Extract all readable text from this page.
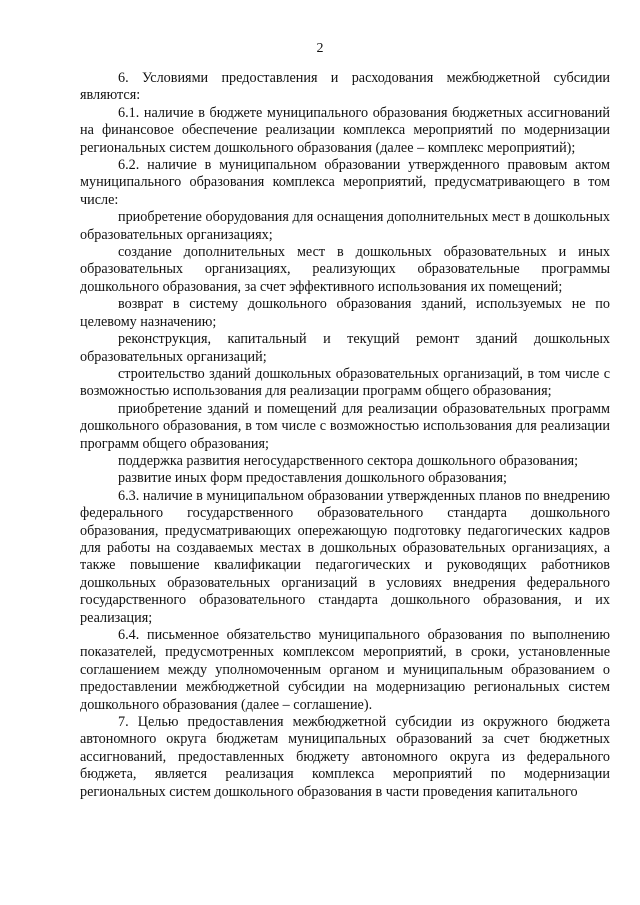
2

6. Условиями предоставления и расходования межбюджетной субсидии являются:

6.1. наличие в бюджете муниципального образования бюджетных ассигнований на финансовое обеспечение реализации комплекса мероприятий по модернизации региональных систем дошкольного образования (далее – комплекс мероприятий);

6.2. наличие в муниципальном образовании утвержденного правовым актом муниципального образования комплекса мероприятий, предусматривающего в том числе:

приобретение оборудования для оснащения дополнительных мест в дошкольных образовательных организациях;

создание дополнительных мест в дошкольных образовательных и иных образовательных организациях, реализующих образовательные программы дошкольного образования, за счет эффективного использования их помещений;

возврат в систему дошкольного образования зданий, используемых не по целевому назначению;

реконструкция, капитальный и текущий ремонт зданий дошкольных образовательных организаций;

строительство зданий дошкольных образовательных организаций, в том числе с возможностью использования для реализации программ общего образования;

приобретение зданий и помещений для реализации образовательных программ дошкольного образования, в том числе с возможностью использования для реализации программ общего образования;

поддержка развития негосударственного сектора дошкольного образования;

развитие иных форм предоставления дошкольного образования;

6.3. наличие в муниципальном образовании утвержденных планов по внедрению федерального государственного образовательного стандарта дошкольного образования, предусматривающих опережающую подготовку педагогических кадров для работы на создаваемых местах в дошкольных образовательных организациях, а также повышение квалификации педагогических и руководящих работников дошкольных образовательных организаций в условиях внедрения федерального государственного образовательного стандарта дошкольного образования, и их реализация;

6.4. письменное обязательство муниципального образования по выполнению показателей, предусмотренных комплексом мероприятий, в сроки, установленные соглашением между уполномоченным органом и муниципальным образованием о предоставлении межбюджетной субсидии на модернизацию региональных систем дошкольного образования (далее – соглашение).

7. Целью предоставления межбюджетной субсидии из окружного бюджета автономного округа бюджетам муниципальных образований за счет бюджетных ассигнований, предоставленных бюджету автономного округа из федерального бюджета, является реализация комплекса мероприятий по модернизации региональных систем дошкольного образования в части проведения капитального
